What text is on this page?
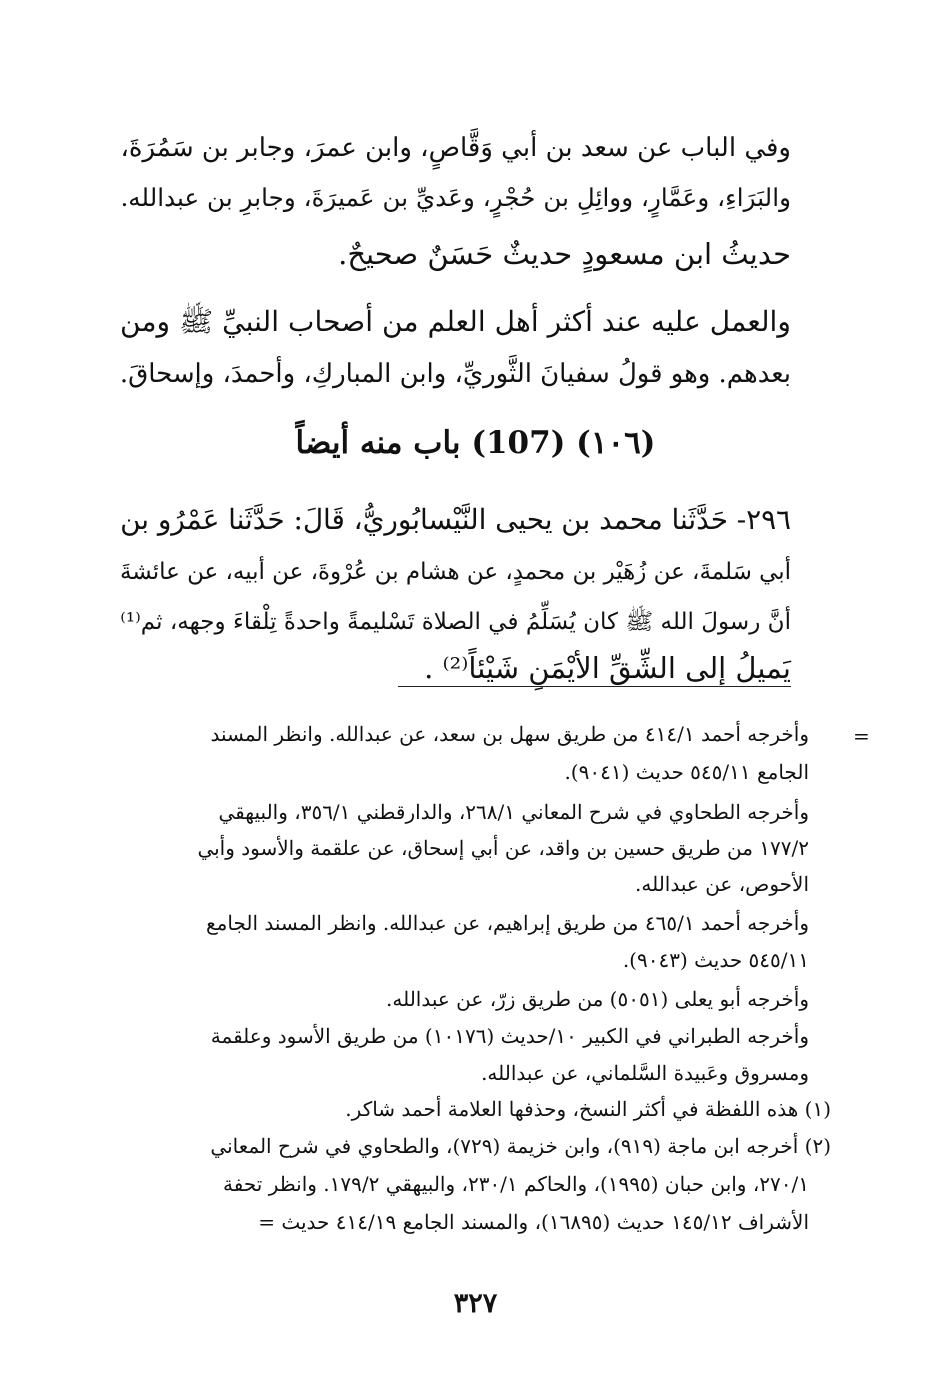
وفي الباب عن سعد بن أبي وَقَّاصٍ، وابن عمرَ، وجابر بن سَمُرَةَ،
والبَرَاءِ، وعَمَّارٍ، ووائِلِ بن حُجْرٍ، وعَديِّ بن عَميرَةَ، وجابرِ بن عبدالله.
حديثُ ابن مسعودٍ حديثٌ حَسَنٌ صحيحٌ.
والعمل عليه عند أكثر أهل العلم من أصحاب النبيِّ ﷺ ومن
بعدهم. وهو قولُ سفيانَ الثَّوريِّ، وابن المباركِ، وأحمدَ، وإسحاقَ.
(١٠٦) (107) باب منه أيضاً
٢٩٦- حَدَّثَنا محمد بن يحيى النَّيْسابُوريُّ، قَالَ: حَدَّثَنا عَمْرُو بن
أبي سَلمةَ، عن زُهَيْر بن محمدٍ، عن هشام بن عُرْوةَ، عن أبيه، عن عائشةَ
أنَّ رسولَ الله ﷺ كان يُسَلِّمُ في الصلاة تَسْليمةً واحدةً تِلْقاءَ وجهه، ثم⁽¹⁾
يَميلُ إلى الشِّقِّ الأيْمَنِ شَيْئاً⁽²⁾ .
=
وأخرجه أحمد ٤١٤/١ من طريق سهل بن سعد، عن عبدالله. وانظر المسند
الجامع ٥٤٥/١١ حديث (٩٠٤١).
وأخرجه الطحاوي في شرح المعاني ٢٦٨/١، والدارقطني ٣٥٦/١، والبيهقي
١٧٧/٢ من طريق حسين بن واقد، عن أبي إسحاق، عن علقمة والأسود وأبي
الأحوص، عن عبدالله.
وأخرجه أحمد ٤٦٥/١ من طريق إبراهيم، عن عبدالله. وانظر المسند الجامع
٥٤٥/١١ حديث (٩٠٤٣).
وأخرجه أبو يعلى (٥٠٥١) من طريق زرّ، عن عبدالله.
وأخرجه الطبراني في الكبير ١٠/حديث (١٠١٧٦) من طريق الأسود وعلقمة
ومسروق وعَبيدة السَّلماني، عن عبدالله.
(١) هذه اللفظة في أكثر النسخ، وحذفها العلامة أحمد شاكر.
(٢) أخرجه ابن ماجة (٩١٩)، وابن خزيمة (٧٢٩)، والطحاوي في شرح المعاني
٢٧٠/١، وابن حبان (١٩٩٥)، والحاكم ٢٣٠/١، والبيهقي ١٧٩/٢. وانظر تحفة
الأشراف ١٤٥/١٢ حديث (١٦٨٩٥)، والمسند الجامع ٤١٤/١٩ حديث =
٣٢٧
